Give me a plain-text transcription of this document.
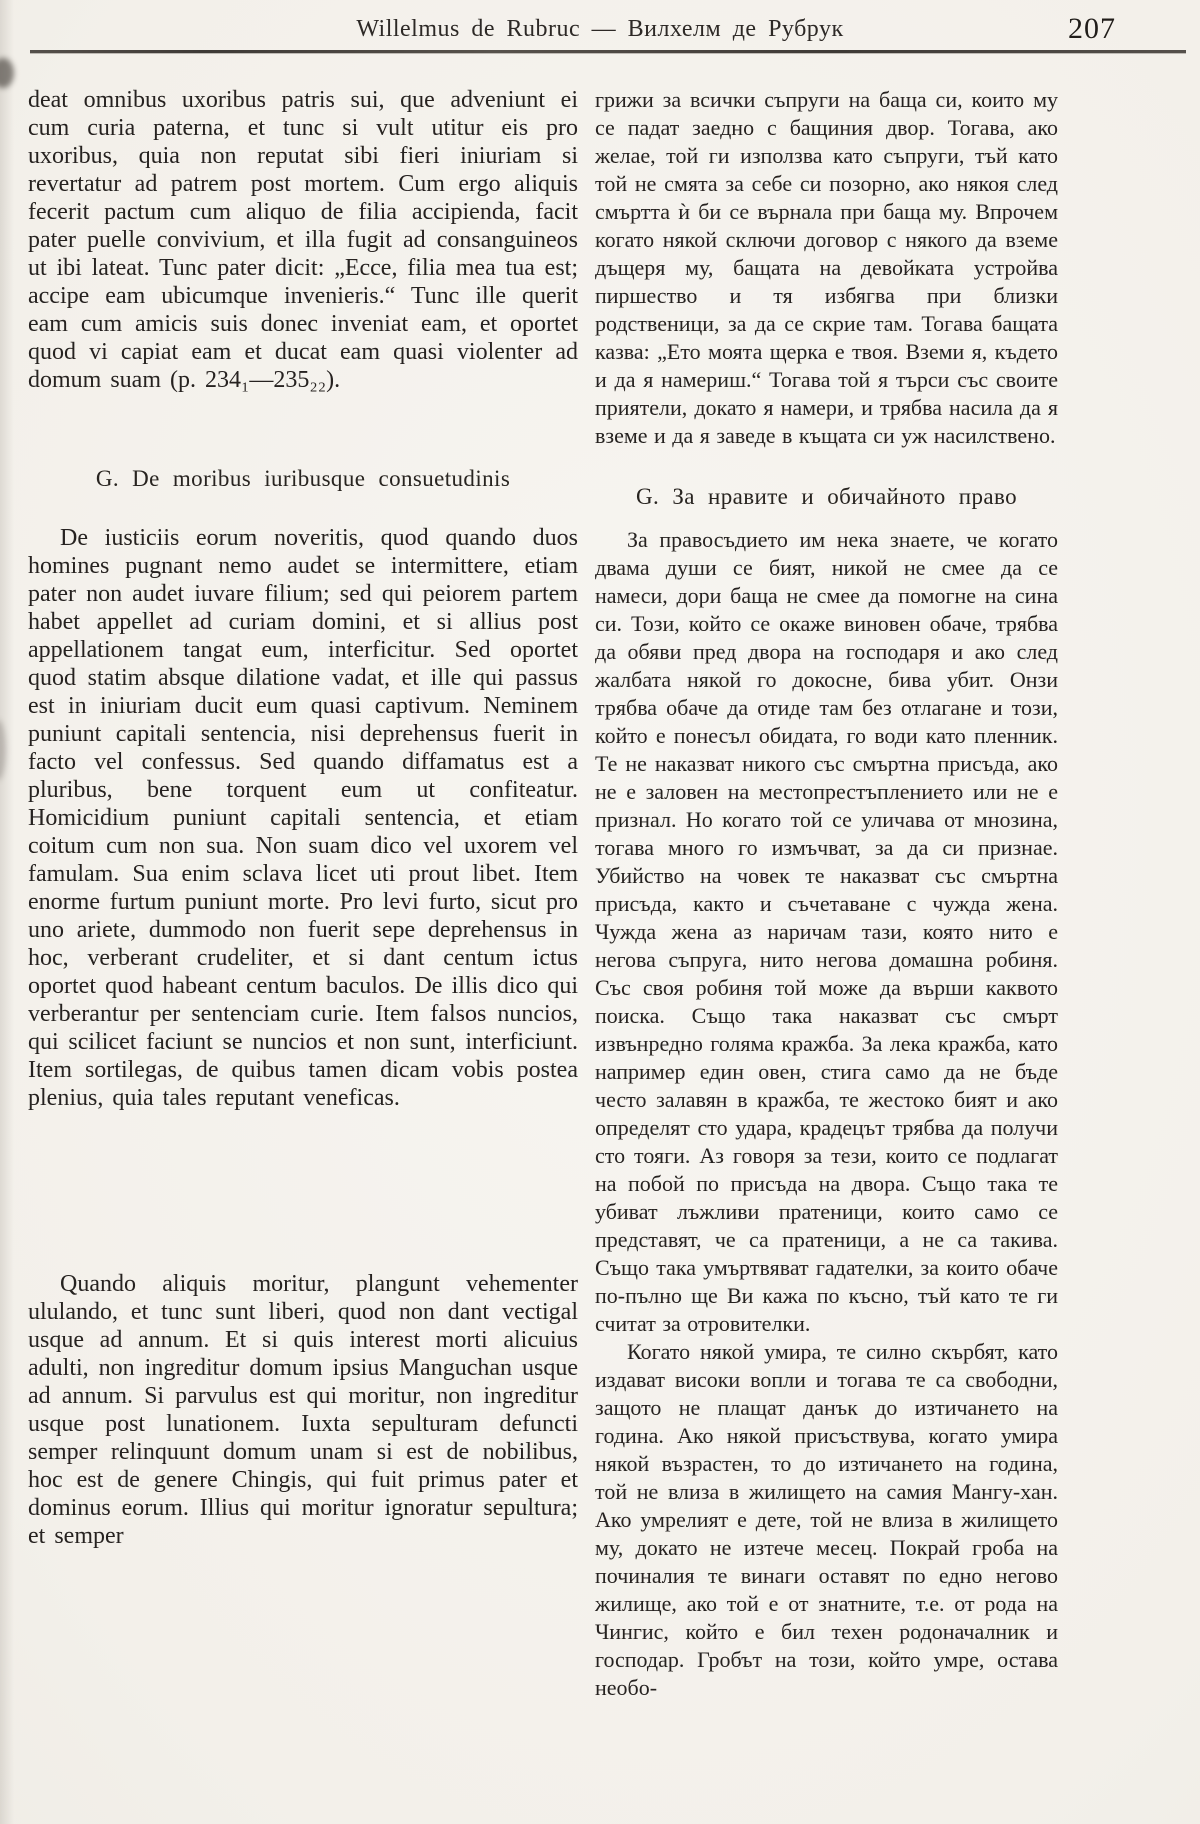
Willelmus de Rubruc — Вилхелм де Рубрук	207

deat omnibus uxoribus patris sui, que adveniunt ei cum curia paterna, et tunc si vult utitur eis pro uxoribus, quia non reputat sibi fieri iniuriam si revertatur ad patrem post mortem. Cum ergo aliquis fecerit pactum cum aliquo de filia accipienda, facit pater puelle convivium, et illa fugit ad consanguineos ut ibi lateat. Tunc pater dicit: „Ecce, filia mea tua est; accipe eam ubicumque invenieris.“ Tunc ille querit eam cum amicis suis donec inveniat eam, et oportet quod vi capiat eam et ducat eam quasi violenter ad domum suam (p. 234₁—235₂₂).

G. De moribus iuribusque consuetudinis

De iusticiis eorum noveritis, quod quando duos homines pugnant nemo audet se intermittere, etiam pater non audet iuvare filium; sed qui peiorem partem habet appellet ad curiam domini, et si allius post appellationem tangat eum, interficitur. Sed oportet quod statim absque dilatione vadat, et ille qui passus est in iniuriam ducit eum quasi captivum. Neminem puniunt capitali sentencia, nisi deprehensus fuerit in facto vel confessus. Sed quando diffamatus est a pluribus, bene torquent eum ut confiteatur. Homicidium puniunt capitali sentencia, et etiam coitum cum non sua. Non suam dico vel uxorem vel famulam. Sua enim sclava licet uti prout libet. Item enorme furtum puniunt morte. Pro levi furto, sicut pro uno ariete, dummodo non fuerit sepe deprehensus in hoc, verberant crudeliter, et si dant centum ictus oportet quod habeant centum baculos. De illis dico qui verberantur per sentenciam curie. Item falsos nuncios, qui scilicet faciunt se nuncios et non sunt, interficiunt. Item sortilegas, de quibus tamen dicam vobis postea plenius, quia tales reputant veneficas.

Quando aliquis moritur, plangunt vehementer ululando, et tunc sunt liberi, quod non dant vectigal usque ad annum. Et si quis interest morti alicuius adulti, non ingreditur domum ipsius Manguchan usque ad annum. Si parvulus est qui moritur, non ingreditur usque post lunationem. Iuxta sepulturam defuncti semper relinquunt domum unam si est de nobilibus, hoc est de genere Chingis, qui fuit primus pater et dominus eorum. Illius qui moritur ignoratur sepultura; et semper

грижи за всички съпруги на баща си, които му се падат заедно с бащиния двор. Тогава, ако желае, той ги използва като съпруги, тъй като той не смята за себе си позорно, ако някоя след смъртта ѝ би се върнала при баща му. Впрочем когато някой сключи договор с някого да вземе дъщеря му, бащата на девойката устройва пиршество и тя избягва при близки родственици, за да се скрие там. Тогава бащата казва: „Ето моята щерка е твоя. Вземи я, където и да я намериш.“ Тогава той я търси със своите приятели, докато я намери, и трябва насила да я вземе и да я заведе в къщата си уж насилствено.

G. За нравите и обичайното право

За правосъдието им нека знаете, че когато двама души се бият, никой не смее да се намеси, дори баща не смее да помогне на сина си. Този, който се окаже виновен обаче, трябва да обяви пред двора на господаря и ако след жалбата някой го докосне, бива убит. Онзи трябва обаче да отиде там без отлагане и този, който е понесъл обидата, го води като пленник. Те не наказват никого със смъртна присъда, ако не е заловен на местопрестъплението или не е признал. Но когато той се уличава от мнозина, тогава много го измъчват, за да си признае. Убийство на човек те наказват със смъртна присъда, както и съчетаване с чужда жена. Чужда жена аз наричам тази, която нито е негова съпруга, нито негова домашна робиня. Със своя робиня той може да върши каквото поиска. Също така наказват със смърт извънредно голяма кражба. За лека кражба, като например един овен, стига само да не бъде често залавян в кражба, те жестоко бият и ако определят сто удара, крадецът трябва да получи сто тояги. Аз говоря за тези, които се подлагат на побой по присъда на двора. Също така те убиват лъжливи пратеници, които само се представят, че са пратеници, а не са такива. Също така умъртвяват гадателки, за които обаче по-пълно ще Ви кажа по късно, тъй като те ги считат за отровителки.

Когато някой умира, те силно скърбят, като издават високи вопли и тогава те са свободни, защото не плащат данък до изтичането на година. Ако някой присъствува, когато умира някой възрастен, то до изтичането на година, той не влиза в жилището на самия Мангу-хан. Ако умрелият е дете, той не влиза в жилището му, докато не изтече месец. Покрай гроба на починалия те винаги оставят по едно негово жилище, ако той е от знатните, т.е. от рода на Чингис, който е бил техен родоначалник и господар. Гробът на този, който умре, остава необо-
